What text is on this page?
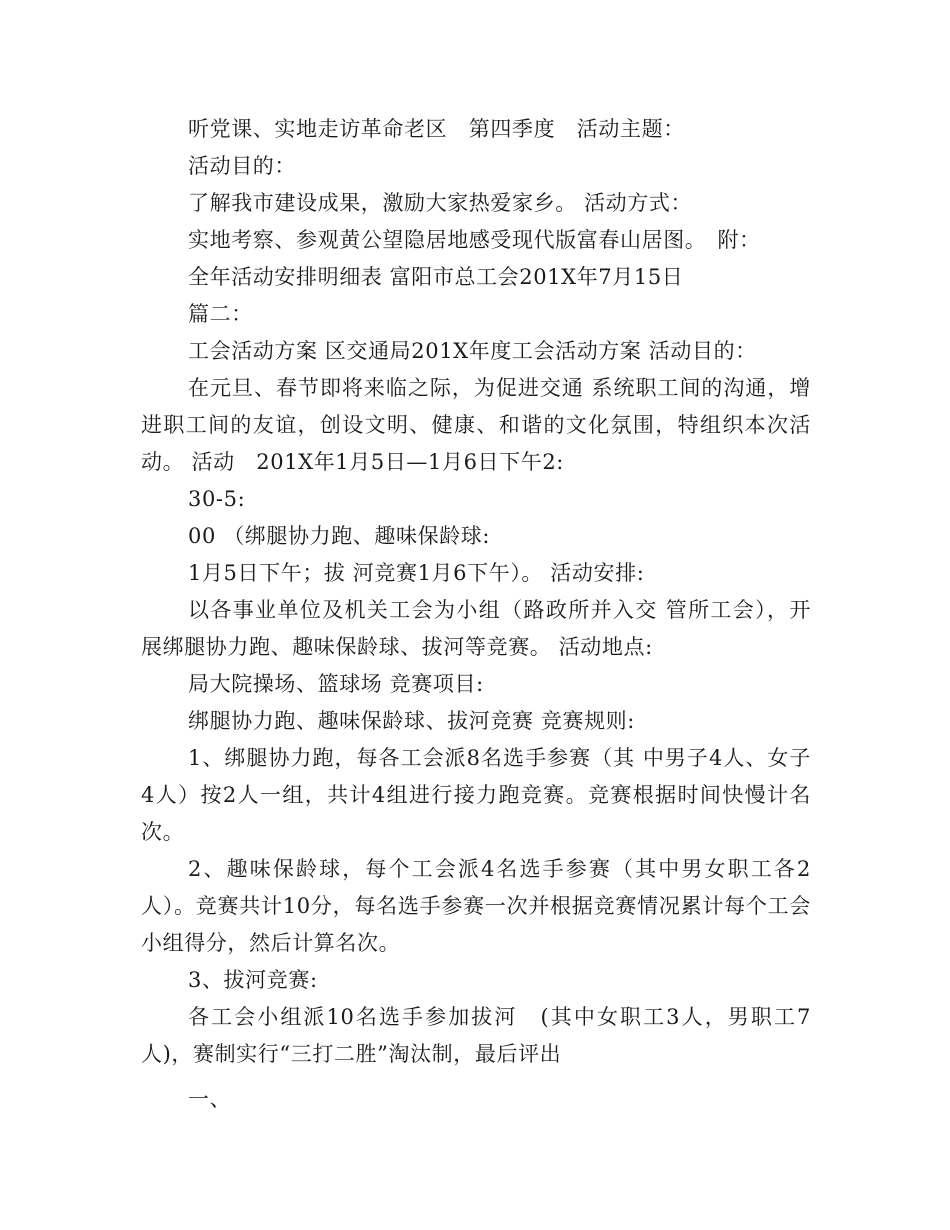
听党课、实地走访革命老区　第四季度　活动主题：

活动目的：

了解我市建设成果，激励大家热爱家乡。 活动方式：

实地考察、参观黄公望隐居地感受现代版富春山居图。　附：

全年活动安排明细表 富阳市总工会201X年7月15日

篇二：

工会活动方案 区交通局201X年度工会活动方案 活动目的：

在元旦、春节即将来临之际，为促进交通 系统职工间的沟通，增进职工间的友谊，创设文明、健康、和谐的文化氛围，特组织本次活动。 活动　201X年1月5日—1月6日下午2:

30-5:

00 （绑腿协力跑、趣味保龄球:

1月5日下午；拔 河竞赛1月6下午）。 活动安排:

以各事业单位及机关工会为小组（路政所并入交 管所工会），开展绑腿协力跑、趣味保龄球、拔河等竞赛。 活动地点:

局大院操场、篮球场 竞赛项目:

绑腿协力跑、趣味保龄球、拔河竞赛 竞赛规则:

1、绑腿协力跑，每各工会派8名选手参赛（其 中男子4人、女子4人）按2人一组，共计4组进行接力跑竞赛。竞赛根据时间快慢计名次。

2、趣味保龄球，每个工会派4名选手参赛（其中男女职工各2人）。竞赛共计10分，每名选手参赛一次并根据竞赛情况累计每个工会小组得分，然后计算名次。

3、拔河竞赛:

各工会小组派10名选手参加拔河　(其中女职工3人，男职工7人)，赛制实行“三打二胜”淘汰制，最后评出

一、
